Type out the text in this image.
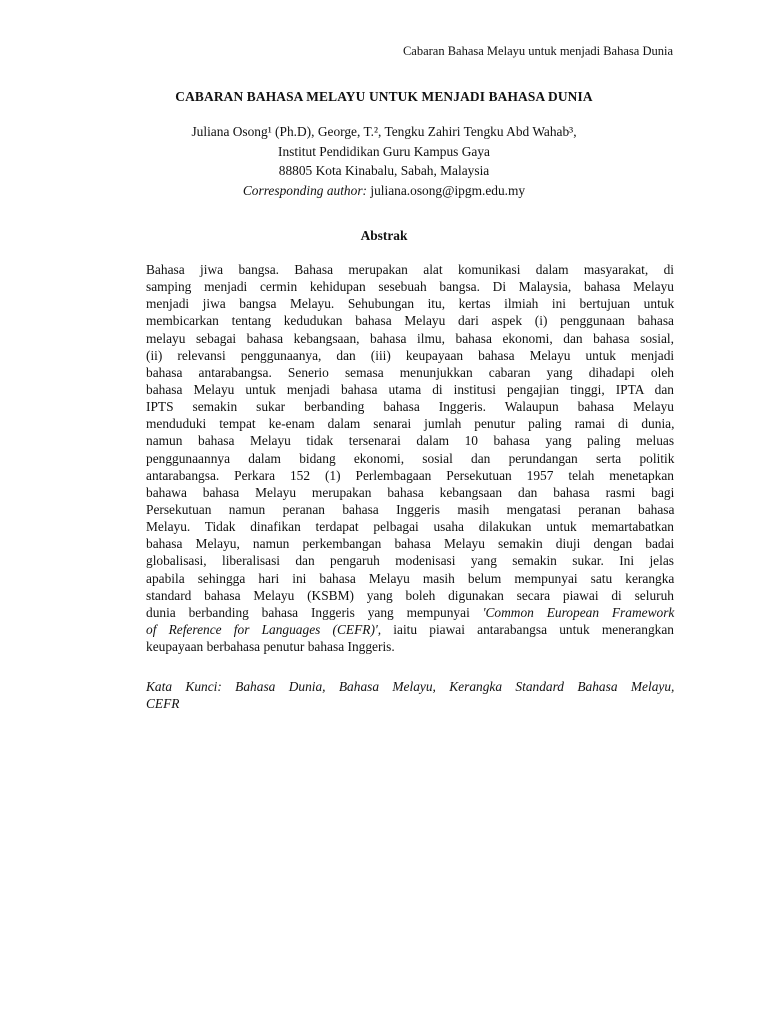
Cabaran Bahasa Melayu untuk menjadi Bahasa Dunia
CABARAN BAHASA MELAYU UNTUK MENJADI BAHASA DUNIA
Juliana Osong¹ (Ph.D), George, T.², Tengku Zahiri Tengku Abd Wahab³,
Institut Pendidikan Guru Kampus Gaya
88805 Kota Kinabalu, Sabah, Malaysia
Corresponding author: juliana.osong@ipgm.edu.my
Abstrak
Bahasa jiwa bangsa. Bahasa merupakan alat komunikasi dalam masyarakat, di
samping menjadi cermin kehidupan sesebuah bangsa. Di Malaysia, bahasa Melayu
menjadi jiwa bangsa Melayu. Sehubungan itu, kertas ilmiah ini bertujuan untuk
membicarkan tentang kedudukan bahasa Melayu dari aspek (i) penggunaan bahasa
melayu sebagai bahasa kebangsaan, bahasa ilmu, bahasa ekonomi, dan bahasa sosial,
(ii) relevansi penggunaanya, dan (iii) keupayaan bahasa Melayu untuk menjadi
bahasa antarabangsa. Senerio semasa menunjukkan cabaran yang dihadapi oleh
bahasa Melayu untuk menjadi bahasa utama di institusi pengajian tinggi, IPTA dan
IPTS semakin sukar berbanding bahasa Inggeris. Walaupun bahasa Melayu
menduduki tempat ke-enam dalam senarai jumlah penutur paling ramai di dunia,
namun bahasa Melayu tidak tersenarai dalam 10 bahasa yang paling meluas
penggunaannya dalam bidang ekonomi, sosial dan perundangan serta politik
antarabangsa. Perkara 152 (1) Perlembagaan Persekutuan 1957 telah menetapkan
bahawa bahasa Melayu merupakan bahasa kebangsaan dan bahasa rasmi bagi
Persekutuan namun peranan bahasa Inggeris masih mengatasi peranan bahasa
Melayu. Tidak dinafikan terdapat pelbagai usaha dilakukan untuk memartabatkan
bahasa Melayu, namun perkembangan bahasa Melayu semakin diuji dengan badai
globalisasi, liberalisasi dan pengaruh modenisasi yang semakin sukar. Ini jelas
apabila sehingga hari ini bahasa Melayu masih belum mempunyai satu kerangka
standard bahasa Melayu (KSBM) yang boleh digunakan secara piawai di seluruh
dunia berbanding bahasa Inggeris yang mempunyai 'Common European Framework
of Reference for Languages (CEFR)', iaitu piawai antarabangsa untuk menerangkan
keupayaan berbahasa penutur bahasa Inggeris.
Kata Kunci: Bahasa Dunia, Bahasa Melayu, Kerangka Standard Bahasa Melayu,
CEFR
